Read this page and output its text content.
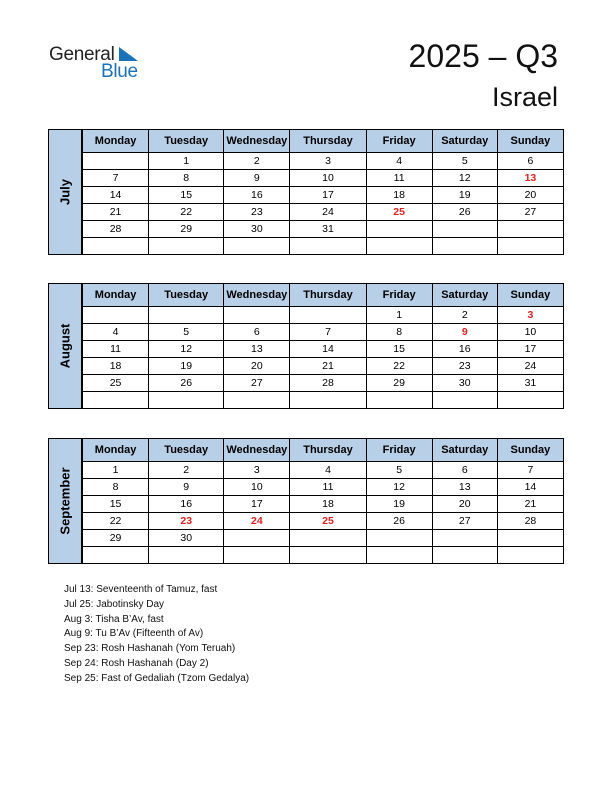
General
Blue	2025 – Q3
Israel
Monday	Tuesday	Wednesday	Thursday	Friday	Saturday	Sunday
	1	2	3	4	5	6
7	8	9	10	11	12	13
14	15	16	17	18	19	20
21	22	23	24	25	26	27
28	29	30	31			

July
Monday	Tuesday	Wednesday	Thursday	Friday	Saturday	Sunday
				1	2	3
4	5	6	7	8	9	10
11	12	13	14	15	16	17
18	19	20	21	22	23	24
25	26	27	28	29	30	31

August
Monday	Tuesday	Wednesday	Thursday	Friday	Saturday	Sunday
1	2	3	4	5	6	7
8	9	10	11	12	13	14
15	16	17	18	19	20	21
22	23	24	25	26	27	28
29	30					

September
Jul 13: Seventeenth of Tamuz, fast
Jul 25: Jabotinsky Day
Aug 3: Tisha B’Av, fast
Aug 9: Tu B’Av (Fifteenth of Av)
Sep 23: Rosh Hashanah (Yom Teruah)
Sep 24: Rosh Hashanah (Day 2)
Sep 25: Fast of Gedaliah (Tzom Gedalya)
